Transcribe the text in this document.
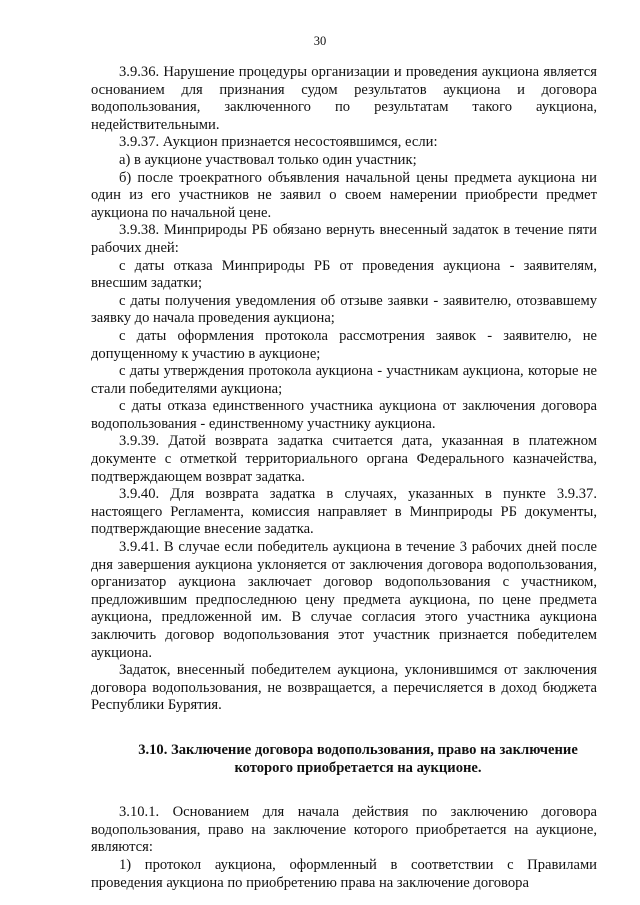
30

3.9.36. Нарушение процедуры организации и проведения аукциона является основанием для признания судом результатов аукциона и договора водопользования, заключенного по результатам такого аукциона, недействительными.

3.9.37. Аукцион признается несостоявшимся, если:

а) в аукционе участвовал только один участник;

б) после троекратного объявления начальной цены предмета аукциона ни один из его участников не заявил о своем намерении приобрести предмет аукциона по начальной цене.

3.9.38. Минприроды РБ обязано вернуть внесенный задаток в течение пяти рабочих дней:

с даты отказа Минприроды РБ от проведения аукциона - заявителям, внесшим задатки;

с даты получения уведомления об отзыве заявки - заявителю, отозвавшему заявку до начала проведения аукциона;

с даты оформления протокола рассмотрения заявок - заявителю, не допущенному к участию в аукционе;

с даты утверждения протокола аукциона - участникам аукциона, которые не стали победителями аукциона;

с даты отказа единственного участника аукциона от заключения договора водопользования - единственному участнику аукциона.

3.9.39. Датой возврата задатка считается дата, указанная в платежном документе с отметкой территориального органа Федерального казначейства, подтверждающем возврат задатка.

3.9.40. Для возврата задатка в случаях, указанных в пункте 3.9.37. настоящего Регламента, комиссия направляет в Минприроды РБ документы, подтверждающие внесение задатка.

3.9.41. В случае если победитель аукциона в течение 3 рабочих дней после дня завершения аукциона уклоняется от заключения договора водопользования, организатор аукциона заключает договор водопользования с участником, предложившим предпоследнюю цену предмета аукциона, по цене предмета аукциона, предложенной им. В случае согласия этого участника аукциона заключить договор водопользования этот участник признается победителем аукциона.

Задаток, внесенный победителем аукциона, уклонившимся от заключения договора водопользования, не возвращается, а перечисляется в доход бюджета Республики Бурятия.

3.10. Заключение договора водопользования, право на заключение которого приобретается на аукционе.

3.10.1. Основанием для начала действия по заключению договора водопользования, право на заключение которого приобретается на аукционе, являются:

1) протокол аукциона, оформленный в соответствии с Правилами проведения аукциона по приобретению права на заключение договора
